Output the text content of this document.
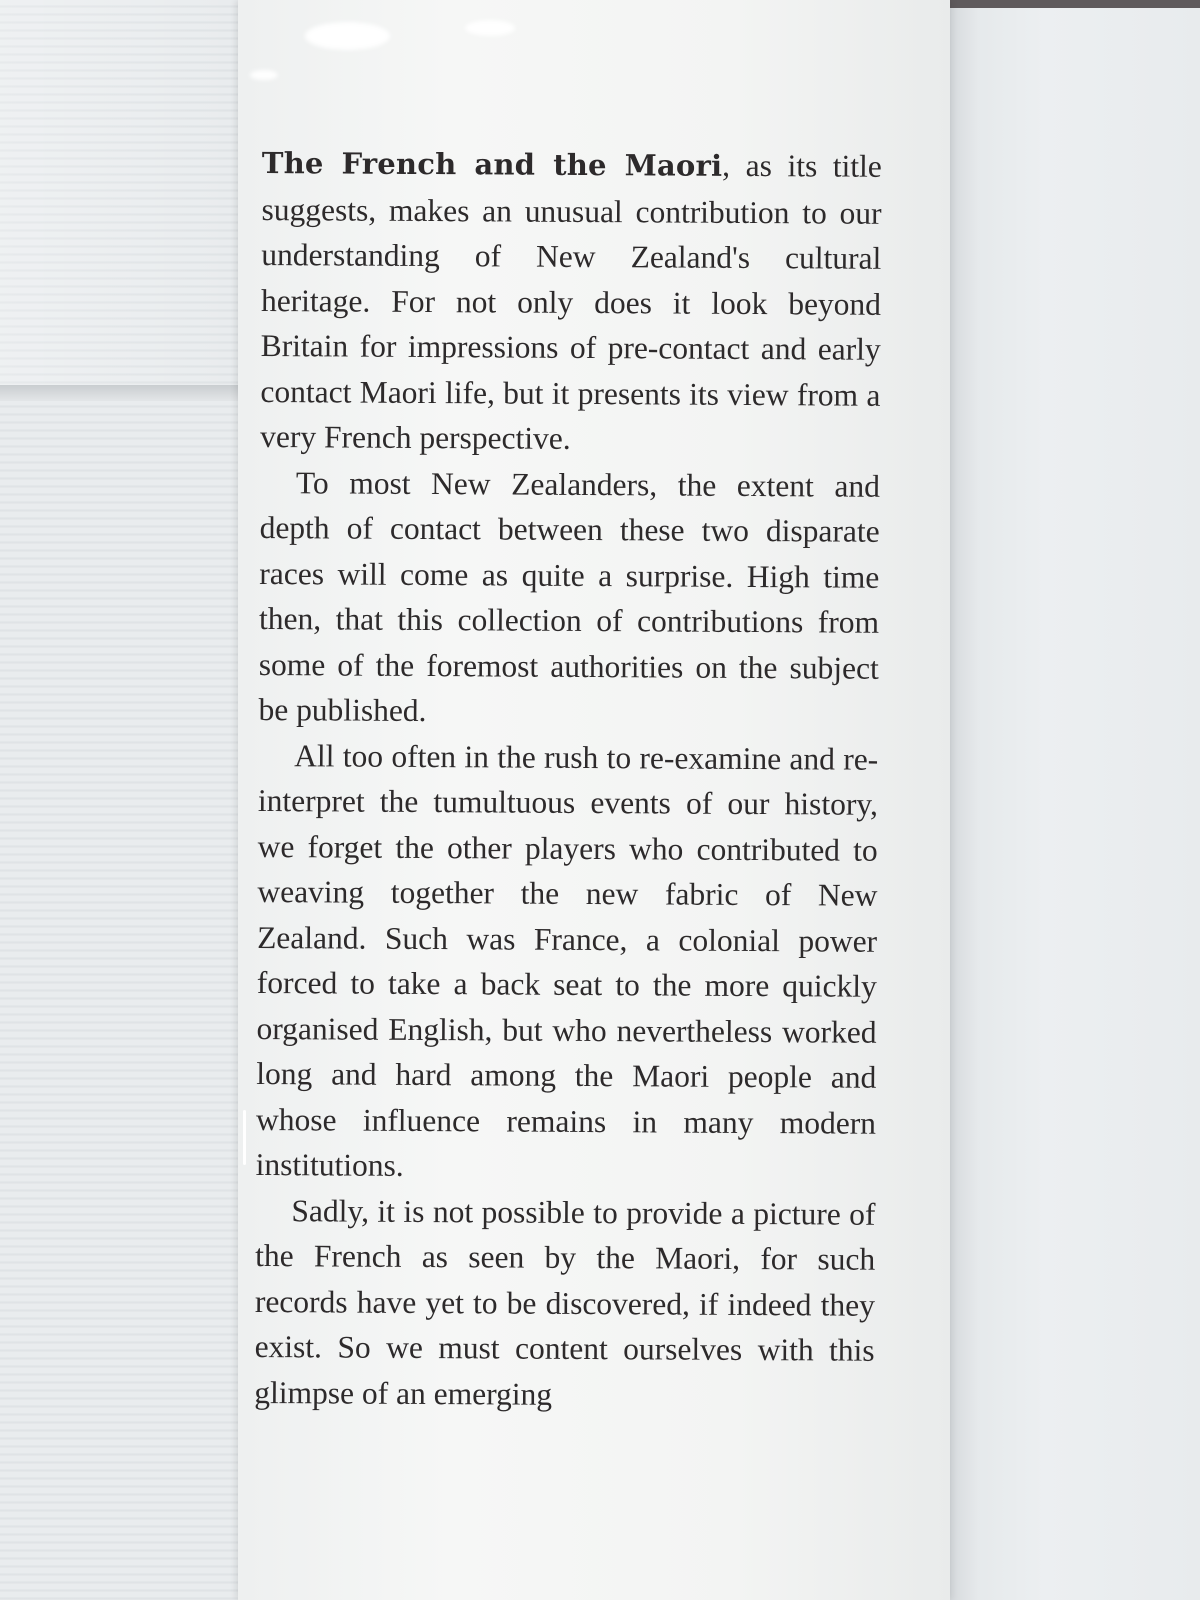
The French and the Maori, as its title suggests, makes an unusual contribution to our understanding of New Zealand's cultural heritage. For not only does it look beyond Britain for impressions of pre-contact and early contact Maori life, but it presents its view from a very French perspective.

To most New Zealanders, the extent and depth of contact between these two disparate races will come as quite a surprise. High time then, that this collection of contributions from some of the foremost authorities on the subject be published.

All too often in the rush to re-examine and re-interpret the tumultuous events of our history, we forget the other players who contributed to weaving together the new fabric of New Zealand. Such was France, a colonial power forced to take a back seat to the more quickly organised English, but who nevertheless worked long and hard among the Maori people and whose influence remains in many modern institutions.

Sadly, it is not possible to provide a picture of the French as seen by the Maori, for such records have yet to be discovered, if indeed they exist. So we must content ourselves with this glimpse of an emerging
